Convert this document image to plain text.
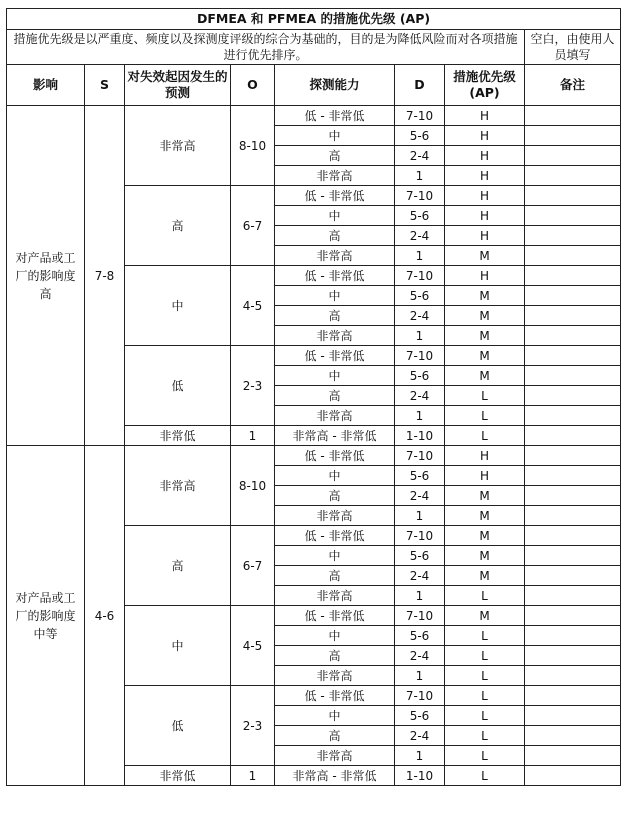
DFMEA 和 PFMEA 的措施优先级 (AP)							
措施优先级是以严重度、频度以及探测度评级的综合为基础的，目的是为降低风险而对各项措施进行优先排序。							空白，由使用人员填写
影响	S	对失效起因发生的预测	O	探测能力	D	措施优先级 (AP)	备注
对产品或工厂的影响度高	7-8	非常高	8-10	低 - 非常低	7-10	H	
				中	5-6	H	
				高	2-4	H	
				非常高	1	H	
		高	6-7	低 - 非常低	7-10	H	
				中	5-6	H	
				高	2-4	H	
				非常高	1	M	
		中	4-5	低 - 非常低	7-10	H	
				中	5-6	M	
				高	2-4	M	
				非常高	1	M	
		低	2-3	低 - 非常低	7-10	M	
				中	5-6	M	
				高	2-4	L	
				非常高	1	L	
		非常低	1	非常高 - 非常低	1-10	L	
对产品或工厂的影响度中等	4-6	非常高	8-10	低 - 非常低	7-10	H	
				中	5-6	H	
				高	2-4	M	
				非常高	1	M	
		高	6-7	低 - 非常低	7-10	M	
				中	5-6	M	
				高	2-4	M	
				非常高	1	L	
		中	4-5	低 - 非常低	7-10	M	
				中	5-6	L	
				高	2-4	L	
				非常高	1	L	
		低	2-3	低 - 非常低	7-10	L	
				中	5-6	L	
				高	2-4	L	
				非常高	1	L	
		非常低	1	非常高 - 非常低	1-10	L	
